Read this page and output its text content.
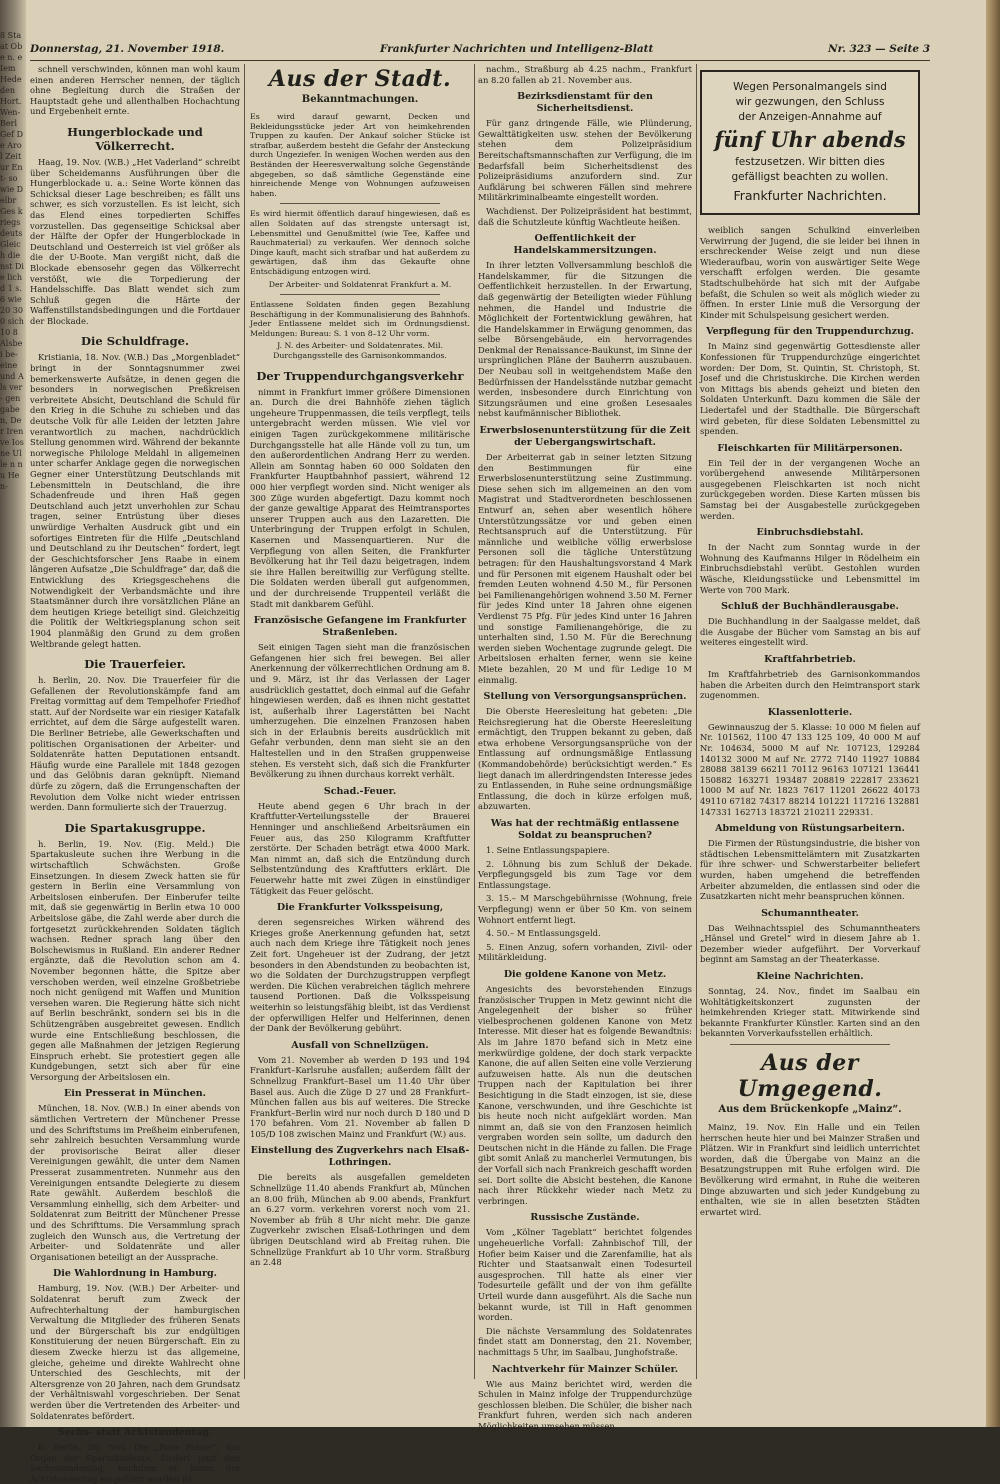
8 Staat Obe n. e Iem Hede den Hort. Wen- Berl Gef De Arol Zeitur Ent- sowie Delbr Ges kriegs deuts Gleich dienst Die lich d 1 s. 6 wie 20 300 sich 10 8 Alsbei be- eine und Als ver- gen gabe n, Der Iren ve Iosne Ulle n nu Hen-
Donnerstag, 21. November 1918.	Frankfurter Nachrichten und Intelligenz-Blatt	Nr. 323 — Seite 3

schnell verschwinden, können man wohl kaum einen anderen Herrscher nennen, der täglich ohne Begleitung durch die Straßen der Hauptstadt gehe und allenthalben Hochachtung und Ergebenheit ernte.

Hungerblockade und Völkerrecht.

Haag, 19. Nov. (W.B.) „Het Vaderland“ schreibt über Scheidemanns Ausführungen über die Hungerblockade u. a.: Seine Worte können das Schicksal dieser Lage beschreiben; es fällt uns schwer, es sich vorzustellen. Es ist leicht, sich das Elend eines torpedierten Schiffes vorzustellen. Das gegenseitige Schicksal aber der Hälfte der Opfer der Hungerblockade in Deutschland und Oesterreich ist viel größer als die der U-Boote. Man vergißt nicht, daß die Blockade ebensosehr gegen das Völkerrecht verstößt, wie die Torpedierung der Handelsschiffe. Das Blatt wendet sich zum Schluß gegen die Härte der Waffenstillstandsbedingungen und die Fortdauer der Blockade.

Die Schuldfrage.

Kristiania, 18. Nov. (W.B.) Das „Morgenbladet“ bringt in der Sonntagsnummer zwei bemerkenswerte Aufsätze, in denen gegen die besonders in norwegischen Preßkreisen verbreitete Absicht, Deutschland die Schuld für den Krieg in die Schuhe zu schieben und das deutsche Volk für alle Leiden der letzten Jahre verantwortlich zu machen, nachdrücklich Stellung genommen wird. Während der bekannte norwegische Philologe Meldahl in allgemeinen unter scharfer Anklage gegen die norwegischen Gegner einer Unterstützung Deutschlands mit Lebensmitteln in Deutschland, die ihre Schadenfreude und ihren Haß gegen Deutschland auch jetzt unverhohlen zur Schau tragen, seiner Entrüstung über dieses unwürdige Verhalten Ausdruck gibt und ein sofortiges Eintreten für die Hilfe „Deutschland und Deutschland zu ihr Deutschen“ fordert, legt der Geschichtsforscher Jens Raabe in einem längeren Aufsatze „Die Schuldfrage“ dar, daß die Entwicklung des Kriegsgeschehens die Notwendigkeit der Verbandsmächte und ihre Staatsmänner durch ihre vorsätzlichen Pläne an dem heutigen Kriege beteiligt sind. Gleichzeitig die Politik der Weltkriegsplanung schon seit 1904 planmäßig den Grund zu dem großen Weltbrande gelegt hatten.

Die Trauerfeier.

h. Berlin, 20. Nov. Die Trauerfeier für die Gefallenen der Revolutionskämpfe fand am Freitag vormittag auf dem Tempelhofer Friedhof statt. Auf der Nordseite war ein riesiger Katafalk errichtet, auf dem die Särge aufgestellt waren. Die Berliner Betriebe, alle Gewerkschaften und politischen Organisationen der Arbeiter- und Soldatenräte hatten Deputationen entsandt. Häufig wurde eine Parallele mit 1848 gezogen und das Gelöbnis daran geknüpft. Niemand dürfe zu zögern, daß die Errungenschaften der Revolution dem Volke nicht wieder entrissen werden. Dann formulierte sich der Trauerzug.

Die Spartakusgruppe.

h. Berlin, 19. Nov. (Eig. Meld.) Die Spartakusleute suchen ihre Werbung in die wirtschaftlich Schwächsten. Große Einsetzungen. In diesem Zweck hatten sie für gestern in Berlin eine Versammlung von Arbeitslosen einberufen. Der Einberufer teilte mit, daß sie gegenwärtig in Berlin etwa 10 000 Arbeitslose gäbe, die Zahl werde aber durch die fortgesetzt zurückkehrenden Soldaten täglich wachsen. Redner sprach lang über den Bolschewismus in Rußland. Ein anderer Redner ergänzte, daß die Revolution schon am 4. November begonnen hätte, die Spitze aber verschoben werden, weil einzelne Großbetriebe noch nicht genügend mit Waffen und Munition versehen waren. Die Regierung hätte sich nicht auf Berlin beschränkt, sondern sei bis in die Schützengräben ausgebreitet gewesen. Endlich wurde eine Entschließung beschlossen, die gegen alle Maßnahmen der jetzigen Regierung Einspruch erhebt. Sie protestiert gegen alle Kundgebungen, setzt sich aber für eine Versorgung der Arbeitslosen ein.

Ein Presserat in München.

München, 18. Nov. (W.B.) In einer abends von sämtlichen Vertretern der Münchener Presse und des Schriftstums im Preßheim einberufenen, sehr zahlreich besuchten Versammlung wurde der provisorische Beirat aller dieser Vereinigungen gewählt, die unter dem Namen Presserat zusammentreten. Nunmehr aus den Vereinigungen entsandte Delegierte zu diesem Rate gewählt. Außerdem beschloß die Versammlung einhellig, sich dem Arbeiter- und Soldatenrat zum Beitritt der Münchener Presse und des Schrifttums. Die Versammlung sprach zugleich den Wunsch aus, die Vertretung der Arbeiter- und Soldatenräte und aller Organisationen beteiligt an der Aussprache.

Die Wahlordnung in Hamburg.

Hamburg, 19. Nov. (W.B.) Der Arbeiter- und Soldatenrat beruft zum Zweck der Aufrechterhaltung der hamburgischen Verwaltung die Mitglieder des früheren Senats und der Bürgerschaft bis zur endgültigen Konstituierung der neuen Bürgerschaft. Ein zu diesem Zwecke hierzu ist das allgemeine, gleiche, geheime und direkte Wahlrecht ohne Unterschied des Geschlechts, mit der Altersgrenze von 20 Jahren, nach dem Grundsatz der Verhältniswahl vorgeschrieben. Der Senat werden über die Vertretenden des Arbeiter- und Soldatenrates befördert.

Sechs- statt Achtstundentag.

h. Berlin, 20. Nov. Die „Rote Fahne“, das Organ der Spartakusleute, fordert jetzt den Sechsstundentag, nachdem er kaum der Achtstundentag eingeführt worden ist.

Aus der Stadt.
Bekanntmachungen.

Es wird darauf gewarnt, Decken und Bekleidungsstücke jeder Art von heimkehrenden Truppen zu kaufen. Der Ankauf solcher Stücke ist strafbar, außerdem besteht die Gefahr der Ansteckung durch Ungeziefer. In wenigen Wochen werden aus den Beständen der Heeresverwaltung solche Gegenstände abgegeben, so daß sämtliche Gegenstände eine hinreichende Menge von Wohnungen aufzuweisen haben.

Es wird hiermit öffentlich darauf hingewiesen, daß es allen Soldaten auf das strengste untersagt ist, Lebensmittel und Genußmittel (wie Tee, Kaffee und Rauchmaterial) zu verkaufen. Wer dennoch solche Dinge kauft, macht sich strafbar und hat außerdem zu gewärtigen, daß ihm das Gekaufte ohne Entschädigung entzogen wird.

Der Arbeiter- und Soldatenrat Frankfurt a. M.

Entlassene Soldaten finden gegen Bezahlung Beschäftigung in der Kommunalisierung des Bahnhofs. Jeder Entlassene meldet sich im Ordnungsdienst. Meldungen: Bureau: S. 1 von 8–12 Uhr vorm.

J. N. des Arbeiter- und Soldatenrates. Mil. Durchgangsstelle des Garnisonkommandos.

Der Truppendurchgangsverkehr

nimmt in Frankfurt immer größere Dimensionen an. Durch die drei Bahnhöfe ziehen täglich ungeheure Truppenmassen, die teils verpflegt, teils untergebracht werden müssen. Wie viel vor einigen Tagen zurückgekommene militärische Durchgangsstelle hat alle Hände voll zu tun, um den außerordentlichen Andrang Herr zu werden. Allein am Sonntag haben 60 000 Soldaten den Frankfurter Hauptbahnhof passiert, während 12 000 hier verpflegt worden sind. Nicht weniger als 300 Züge wurden abgefertigt. Dazu kommt noch der ganze gewaltige Apparat des Heimtransportes unserer Truppen auch aus den Lazaretten. Die Unterbringung der Truppen erfolgt in Schulen, Kasernen und Massenquartieren. Nur die Verpflegung von allen Seiten, die Frankfurter Bevölkerung hat ihr Teil dazu beigetragen, indem sie ihre Hallen bereitwillig zur Verfügung stellte. Die Soldaten werden überall gut aufgenommen, und der durchreisende Truppenteil verläßt die Stadt mit dankbarem Gefühl.

Französische Gefangene im Frankfurter Straßenleben.

Seit einigen Tagen sieht man die französischen Gefangenen hier sich frei bewegen. Bei aller Anerkennung der völkerrechtlichen Ordnung am 8. und 9. März, ist ihr das Verlassen der Lager ausdrücklich gestattet, doch einmal auf die Gefahr hingewiesen werden, daß es ihnen nicht gestattet ist, außerhalb ihrer Lagerstätten bei Nacht umherzugehen. Die einzelnen Franzosen haben sich in der Erlaubnis bereits ausdrücklich mit Gefahr verbunden, denn man sieht sie an den Haltestellen und in den Straßen gruppenweise stehen. Es versteht sich, daß sich die Frankfurter Bevölkerung zu ihnen durchaus korrekt verhält.

Schad.-Feuer.

Heute abend gegen 6 Uhr brach in der Kraftfutter-Verteilungsstelle der Brauerei Henninger und anschließend Arbeitsräumen ein Feuer aus, das 250 Kilogramm Kraftfutter zerstörte. Der Schaden beträgt etwa 4000 Mark. Man nimmt an, daß sich die Entzündung durch Selbstentzündung des Kraftfutters erklärt. Die Feuerwehr hatte mit zwei Zügen in einstündiger Tätigkeit das Feuer gelöscht.

Die Frankfurter Volksspeisung,

deren segensreiches Wirken während des Krieges große Anerkennung gefunden hat, setzt auch nach dem Kriege ihre Tätigkeit noch jenes Zeit fort. Ungeheuer ist der Zudrang, der jetzt besonders in den Abendstunden zu beobachten ist, wo die Soldaten der Durchzugstruppen verpflegt werden. Die Küchen verabreichen täglich mehrere tausend Portionen. Daß die Volksspeisung weiterhin so leistungsfähig bleibt, ist das Verdienst der opferwilligen Helfer und Helferinnen, denen der Dank der Bevölkerung gebührt.

Ausfall von Schnellzügen.

Vom 21. November ab werden D 193 und 194 Frankfurt–Karlsruhe ausfallen; außerdem fällt der Schnellzug Frankfurt–Basel um 11.40 Uhr über Basel aus. Auch die Züge D 27 und 28 Frankfurt–München fallen aus bis auf weiteres. Die Strecke Frankfurt–Berlin wird nur noch durch D 180 und D 170 befahren. Vom 21. November ab fallen D 105/D 108 zwischen Mainz und Frankfurt (W.) aus.

Einstellung des Zugverkehrs nach Elsaß-Lothringen.

Die bereits als ausgefallen gemeldeten Schnellzüge 11.40 abends Frankfurt ab, München an 8.00 früh, München ab 9.00 abends, Frankfurt an 6.27 vorm. verkehren vorerst noch vom 21. November ab früh 8 Uhr nicht mehr. Die ganze Zugverkehr zwischen Elsaß-Lothringen und dem übrigen Deutschland wird ab Freitag ruhen. Die Schnellzüge Frankfurt ab 10 Uhr vorm. Straßburg an 2.48

nachm., Straßburg ab 4.25 nachm., Frankfurt an 8.20 fallen ab 21. November aus.

Bezirksdienstamt für den Sicherheitsdienst.

Für ganz dringende Fälle, wie Plünderung, Gewalttätigkeiten usw. stehen der Bevölkerung stehen dem Polizeipräsidium Bereitschaftsmannschaften zur Verfügung, die im Bedarfsfall beim Sicherheitsdienst des Polizeipräsidiums anzufordern sind. Zur Aufklärung bei schweren Fällen sind mehrere Militärkriminalbeamte eingestellt worden.

Wachdienst. Der Polizeipräsident hat bestimmt, daß die Schutzleute künftig Wachtleute heißen.

Oeffentlichkeit der Handelskammersitzungen.

In ihrer letzten Vollversammlung beschloß die Handelskammer, für die Sitzungen die Oeffentlichkeit herzustellen. In der Erwartung, daß gegenwärtig der Beteiligten wieder Fühlung nehmen, die Handel und Industrie die Möglichkeit der Fortentwicklung gewähren, hat die Handelskammer in Erwägung genommen, das selbe Börsengebäude, ein hervorragendes Denkmal der Renaissance-Baukunst, im Sinne der ursprünglichen Pläne der Bauherrn auszubauen. Der Neubau soll in weitgehendstem Maße den Bedürfnissen der Handelsstände nutzbar gemacht werden, insbesondere durch Einrichtung von Sitzungsräumen und eine großen Lesesaales nebst kaufmännischer Bibliothek.

Erwerbslosenunterstützung für die Zeit der Uebergangswirtschaft.

Der Arbeiterrat gab in seiner letzten Sitzung den Bestimmungen für eine Erwerbslosenunterstützung seine Zustimmung. Diese sehen sich im allgemeinen an den vom Magistrat und Stadtverordneten beschlossenen Entwurf an, sehen aber wesentlich höhere Unterstützungssätze vor und geben einen Rechtsanspruch auf die Unterstützung. Für männliche und weibliche völlig erwerbslose Personen soll die tägliche Unterstützung betragen: für den Haushaltungsvorstand 4 Mark und für Personen mit eigenem Haushalt oder bei fremden Leuten wohnend 4.50 M., für Personen bei Familienangehörigen wohnend 3.50 M. Ferner für jedes Kind unter 18 Jahren ohne eigenen Verdienst 75 Pfg. Für jedes Kind unter 16 Jahren und sonstige Familienangehörige, die zu unterhalten sind, 1.50 M. Für die Berechnung werden sieben Wochentage zugrunde gelegt. Die Arbeitslosen erhalten ferner, wenn sie keine Miete bezahlen, 20 M und für Ledige 10 M einmalig.

Stellung von Versorgungsansprüchen.

Die Oberste Heeresleitung hat gebeten: „Die Reichsregierung hat die Oberste Heeresleitung ermächtigt, den Truppen bekannt zu geben, daß etwa erhobene Versorgungsansprüche von der Entlassung auf ordnungsmäßige Entlassung (Kommandobehörde) berücksichtigt werden.“ Es liegt danach im allerdringendsten Interesse jedes zu Entlassenden, in Ruhe seine ordnungsmäßige Entlassung, die doch in kürze erfolgen muß, abzuwarten.

Was hat der rechtmäßig entlassene Soldat zu beanspruchen?

1. Seine Entlassungspapiere.

2. Löhnung bis zum Schluß der Dekade. Verpflegungsgeld bis zum Tage vor dem Entlassungstage.

3. 15.– M Marschgebührnisse (Wohnung, freie Verpflegung) wenn er über 50 Km. von seinem Wohnort entfernt liegt.

4. 50.– M Entlassungsgeld.

5. Einen Anzug, sofern vorhanden, Zivil- oder Militärkleidung.

Die goldene Kanone von Metz.

Angesichts des bevorstehenden Einzugs französischer Truppen in Metz gewinnt nicht die Angelegenheit der bisher so früher vielbesprochenen goldenen Kanone von Metz Interesse. Mit dieser hat es folgende Bewandtnis: Als im Jahre 1870 befand sich in Metz eine merkwürdige goldene, der doch stark verpackte Kanone, die auf allen Seiten eine volle Verzierung aufzuweisen hatte. Als nun die deutschen Truppen nach der Kapitulation bei ihrer Besichtigung in die Stadt einzogen, ist sie, diese Kanone, verschwunden, und ihre Geschichte ist bis heute noch nicht aufgeklärt worden. Man nimmt an, daß sie von den Franzosen heimlich vergraben worden sein sollte, um dadurch den Deutschen nicht in die Hände zu fallen. Die Frage gibt somit Anlaß zu mancherlei Vermutungen, bis der Vorfall sich nach Frankreich geschafft worden sei. Dort sollte die Absicht bestehen, die Kanone nach ihrer Rückkehr wieder nach Metz zu verbringen.

Russische Zustände.

Vom „Kölner Tageblatt“ berichtet folgendes ungeheuerliche Vorfall: Zahnbischof Till, der Hofier beim Kaiser und die Zarenfamilie, hat als Richter und Staatsanwalt einen Todesurteil ausgesprochen. Till hatte als einer vier Todesurteile gefällt und der von ihm gefällte Urteil wurde dann ausgeführt. Als die Sache nun bekannt wurde, ist Till in Haft genommen worden.

Die nächste Versammlung des Soldatenrates findet statt am Donnerstag, den 21. November, nachmittags 5 Uhr, im Saalbau, Junghofstraße.

Nachtverkehr für Mainzer Schüler.

Wie aus Mainz berichtet wird, werden die Schulen in Mainz infolge der Truppendurchzüge geschlossen bleiben. Die Schüler, die bisher nach Frankfurt fuhren, werden sich nach anderen Möglichkeiten umsehen müssen.

Wegen Personalmangels sind
wir gezwungen, den Schluss
der Anzeigen-Annahme auf
fünf Uhr abends
festzusetzen. Wir bitten dies
gefälligst beachten zu wollen.
Frankfurter Nachrichten.

weiblich sangen Schulkind einverleiben Verwirrung der Jugend, die sie leider bei ihnen in erschreckender Weise zeigt und nun diese Wiederaufbau, worin von auswärtiger Seite Wege verschafft erfolgen werden. Die gesamte Stadtschulbehörde hat sich mit der Aufgabe befaßt, die Schulen so weit als möglich wieder zu öffnen. In erster Linie muß die Versorgung der Kinder mit Schulspeisung gesichert werden.

Verpflegung für den Truppendurchzug.

In Mainz sind gegenwärtig Gottesdienste aller Konfessionen für Truppendurchzüge eingerichtet worden: Der Dom, St. Quintin, St. Christoph, St. Josef und die Christuskirche. Die Kirchen werden von Mittags bis abends geheizt und bieten den Soldaten Unterkunft. Dazu kommen die Säle der Liedertafel und der Stadthalle. Die Bürgerschaft wird gebeten, für diese Soldaten Lebensmittel zu spenden.

Fleischkarten für Militärpersonen.

Ein Teil der in der vergangenen Woche an vorübergehend anwesende Militärpersonen ausgegebenen Fleischkarten ist noch nicht zurückgegeben worden. Diese Karten müssen bis Samstag bei der Ausgabestelle zurückgegeben werden.

Einbruchsdiebstahl.

In der Nacht zum Sonntag wurde in der Wohnung des Kaufmanns Hilger in Rödelheim ein Einbruchsdiebstahl verübt. Gestohlen wurden Wäsche, Kleidungsstücke und Lebensmittel im Werte von 700 Mark.

Schluß der Buchhändlerausgabe.

Die Buchhandlung in der Saalgasse meldet, daß die Ausgabe der Bücher vom Samstag an bis auf weiteres eingestellt wird.

Kraftfahrbetrieb.

Im Kraftfahrbetrieb des Garnisonkommandos haben die Arbeiten durch den Heimtransport stark zugenommen.

Klassenlotterie.

Gewinnauszug der 5. Klasse: 10 000 M fielen auf Nr. 101562, 1100 47 133 125 109, 40 000 M auf Nr. 104634, 5000 M auf Nr. 107123, 129284 140132 3000 M auf Nr. 2772 7140 11927 10884 28088 38139 66211 70112 96163 107121 136441 150882 163271 193487 208819 222817 233621 1000 M auf Nr. 1823 7617 11201 26622 40173 49110 67182 74317 88214 101221 117216 132881 147331 162713 183721 210211 229331.

Abmeldung von Rüstungsarbeitern.

Die Firmen der Rüstungsindustrie, die bisher von städtischen Lebensmittelämtern mit Zusatzkarten für ihre schwer- und Schwerstarbeiter beliefert wurden, haben umgehend die betreffenden Arbeiter abzumelden, die entlassen sind oder die Zusatzkarten nicht mehr beanspruchen können.

Schumanntheater.

Das Weihnachtsspiel des Schumanntheaters „Hänsel und Gretel“ wird in diesem Jahre ab 1. Dezember wieder aufgeführt. Der Vorverkauf beginnt am Samstag an der Theaterkasse.

Kleine Nachrichten.

Sonntag, 24. Nov., findet im Saalbau ein Wohltätigkeitskonzert zugunsten der heimkehrenden Krieger statt. Mitwirkende sind bekannte Frankfurter Künstler. Karten sind an den bekannten Vorverkaufsstellen erhältlich.

Aus der Umgegend.
Aus dem Brückenkopfe „Mainz“.

Mainz, 19. Nov. Ein Halle und ein Teilen herrschen heute hier und bei Mainzer Straßen und Plätzen. Wir in Frankfurt sind leidlich unterrichtet worden, daß die Übergabe von Mainz an die Besatzungstruppen mit Ruhe erfolgen wird. Die Bevölkerung wird ermahnt, in Ruhe die weiteren Dinge abzuwarten und sich jeder Kundgebung zu enthalten, wie sie in allen besetzten Städten erwartet wird.
